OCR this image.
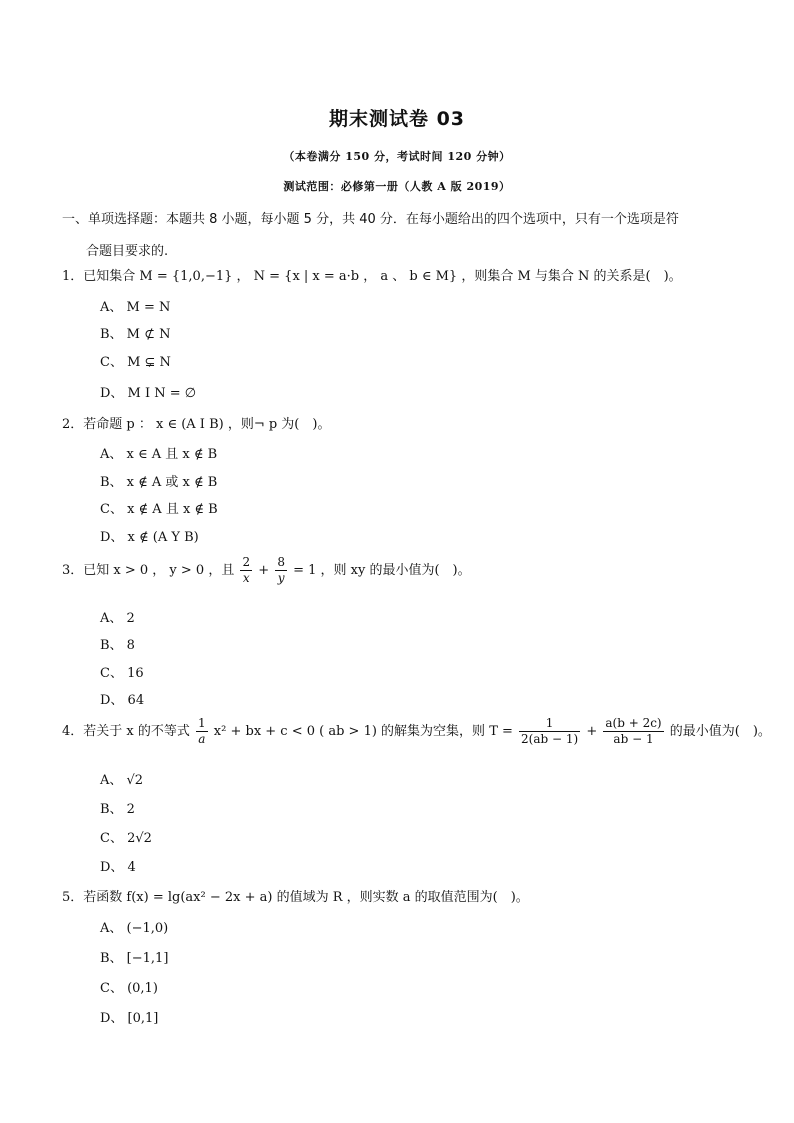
期末测试卷 03
（本卷满分 150 分，考试时间 120 分钟）
测试范围：必修第一册（人教 A 版 2019）
一、单项选择题：本题共 8 小题，每小题 5 分，共 40 分．在每小题给出的四个选项中，只有一个选项是符
合题目要求的.
1．已知集合 M = {1,0,−1} ， N = {x | x = a·b ， a 、 b ∈ M} ，则集合 M 与集合 N 的关系是(　)。
A、 M = N
B、 M ⊄ N
C、 M ⊊ N
D、 M I N = ∅
2．若命题 p ： x ∈ (A I B) ，则¬ p 为(　)。
A、 x ∈ A 且 x ∉ B
B、 x ∉ A 或 x ∉ B
C、 x ∉ A 且 x ∉ B
D、 x ∉ (A Y B)
3．已知 x > 0 ， y > 0 ，且 $\frac{2}{x} + \frac{8}{y} = 1$ ，则 xy 的最小值为(　)。
A、 2
B、 8
C、 16
D、 64
4．若关于 x 的不等式 $\frac{1}{a} x^2$ + bx + c < 0 ( ab > 1) 的解集为空集，则 $T = \frac{1}{2(ab - 1)} + \frac{a(b + 2c)}{ab - 1}$ 的最小值为(　)。
A、 √2
B、 2
C、 2√2
D、 4
5．若函数 f(x) = lg(ax² − 2x + a) 的值域为 R ，则实数 a 的取值范围为(　)。
A、 (−1,0)
B、 [−1,1]
C、 (0,1)
D、 [0,1]
